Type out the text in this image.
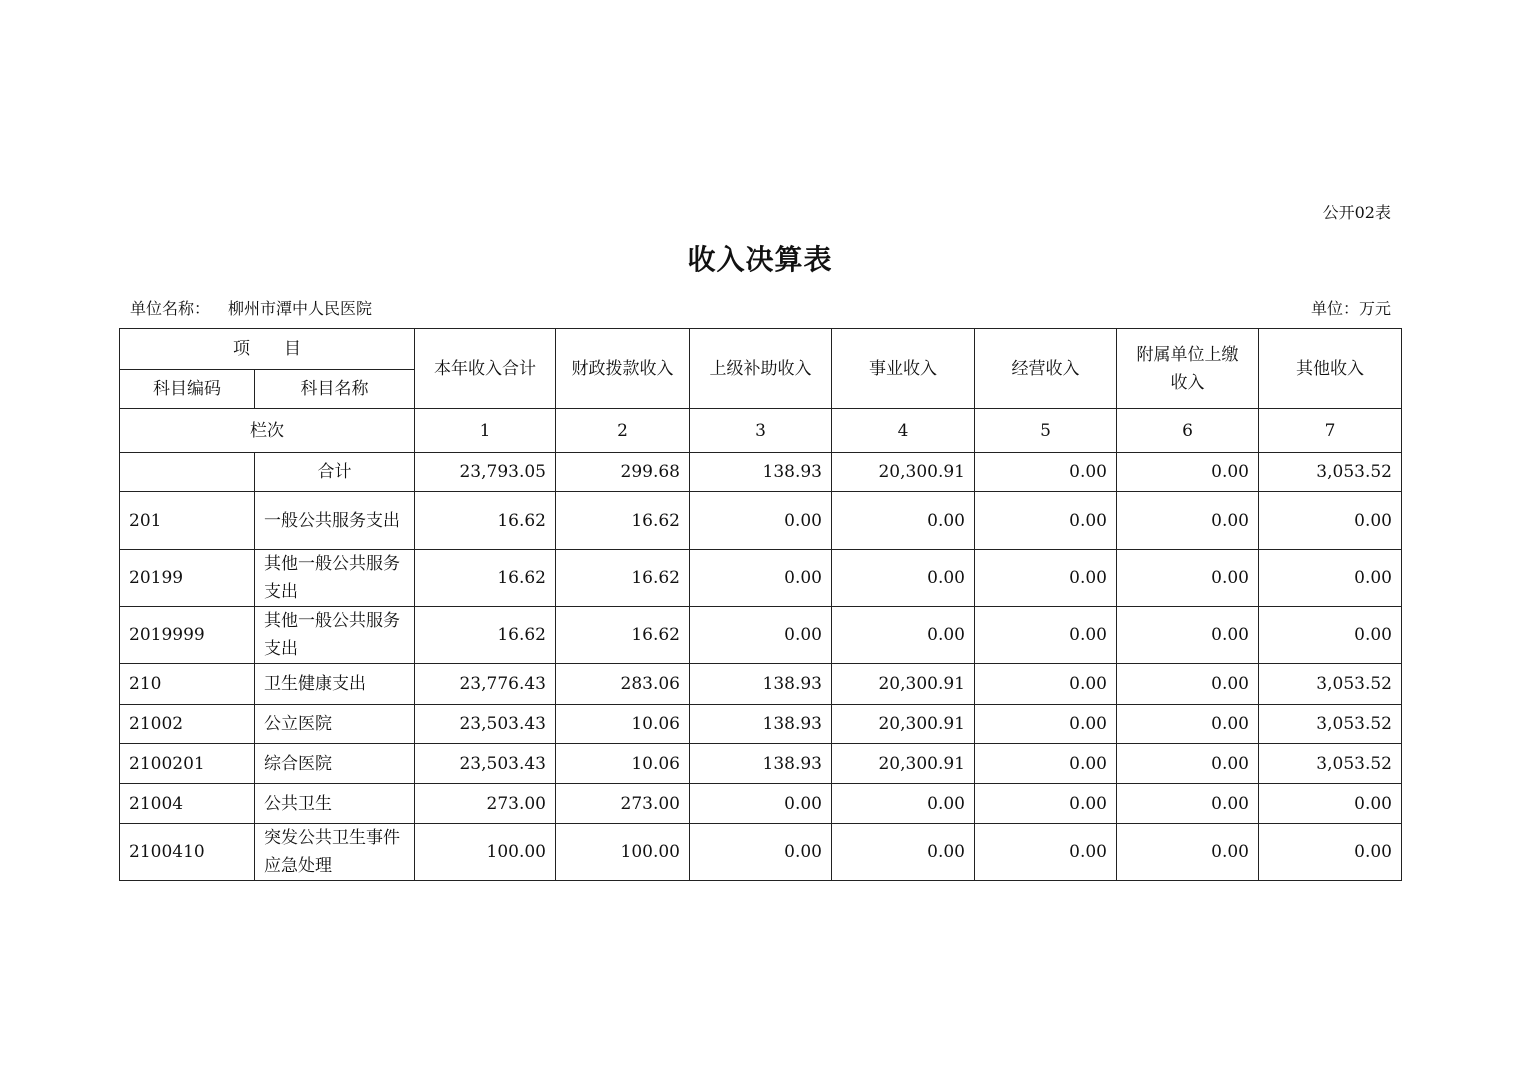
公开02表
收入决算表
单位名称： 柳州市潭中人民医院	单位：万元
项　　目		本年收入合计	财政拨款收入	上级补助收入	事业收入	经营收入	附属单位上缴收入	其他收入
科目编码	科目名称							
栏次		1	2	3	4	5	6	7
	合计	23,793.05	299.68	138.93	20,300.91	0.00	0.00	3,053.52
201	一般公共服务支出	16.62	16.62	0.00	0.00	0.00	0.00	0.00
20199	其他一般公共服务支出	16.62	16.62	0.00	0.00	0.00	0.00	0.00
2019999	其他一般公共服务支出	16.62	16.62	0.00	0.00	0.00	0.00	0.00
210	卫生健康支出	23,776.43	283.06	138.93	20,300.91	0.00	0.00	3,053.52
21002	公立医院	23,503.43	10.06	138.93	20,300.91	0.00	0.00	3,053.52
2100201	综合医院	23,503.43	10.06	138.93	20,300.91	0.00	0.00	3,053.52
21004	公共卫生	273.00	273.00	0.00	0.00	0.00	0.00	0.00
2100410	突发公共卫生事件应急处理	100.00	100.00	0.00	0.00	0.00	0.00	0.00
